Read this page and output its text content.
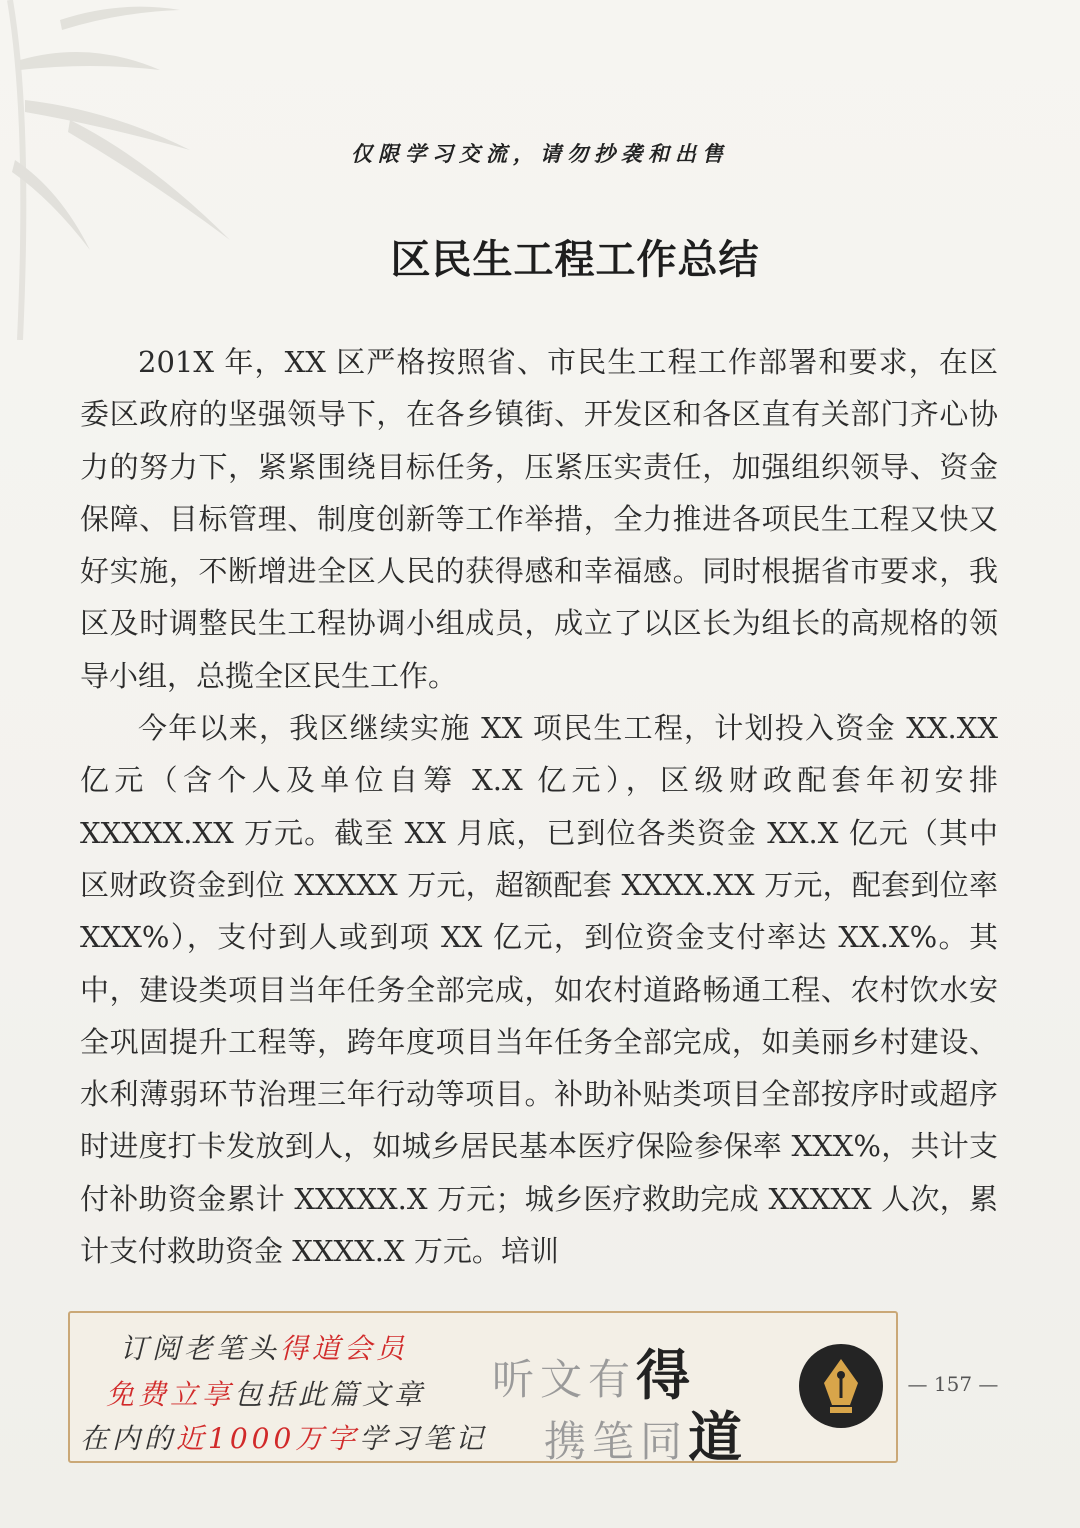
仅限学习交流，请勿抄袭和出售
区民生工程工作总结

201X 年，XX 区严格按照省、市民生工程工作部署和要求，在区委区政府的坚强领导下，在各乡镇街、开发区和各区直有关部门齐心协力的努力下，紧紧围绕目标任务，压紧压实责任，加强组织领导、资金保障、目标管理、制度创新等工作举措，全力推进各项民生工程又快又好实施，不断增进全区人民的获得感和幸福感。同时根据省市要求，我区及时调整民生工程协调小组成员，成立了以区长为组长的高规格的领导小组，总揽全区民生工作。

今年以来，我区继续实施 XX 项民生工程，计划投入资金 XX.XX 亿元（含个人及单位自筹 X.X 亿元），区级财政配套年初安排 XXXXX.XX 万元。截至 XX 月底，已到位各类资金 XX.X 亿元（其中区财政资金到位 XXXXX 万元，超额配套 XXXX.XX 万元，配套到位率 XXX%），支付到人或到项 XX 亿元，到位资金支付率达 XX.X%。其中，建设类项目当年任务全部完成，如农村道路畅通工程、农村饮水安全巩固提升工程等，跨年度项目当年任务全部完成，如美丽乡村建设、水利薄弱环节治理三年行动等项目。补助补贴类项目全部按序时或超序时进度打卡发放到人，如城乡居民基本医疗保险参保率 XXX%，共计支付补助资金累计 XXXXX.X 万元；城乡医疗救助完成 XXXXX 人次，累计支付救助资金 XXXX.X 万元。培训

订阅老笔头得道会员
免费立享包括此篇文章
在内的近1000万字学习笔记
听文有得
携笔同道
— 157 —
